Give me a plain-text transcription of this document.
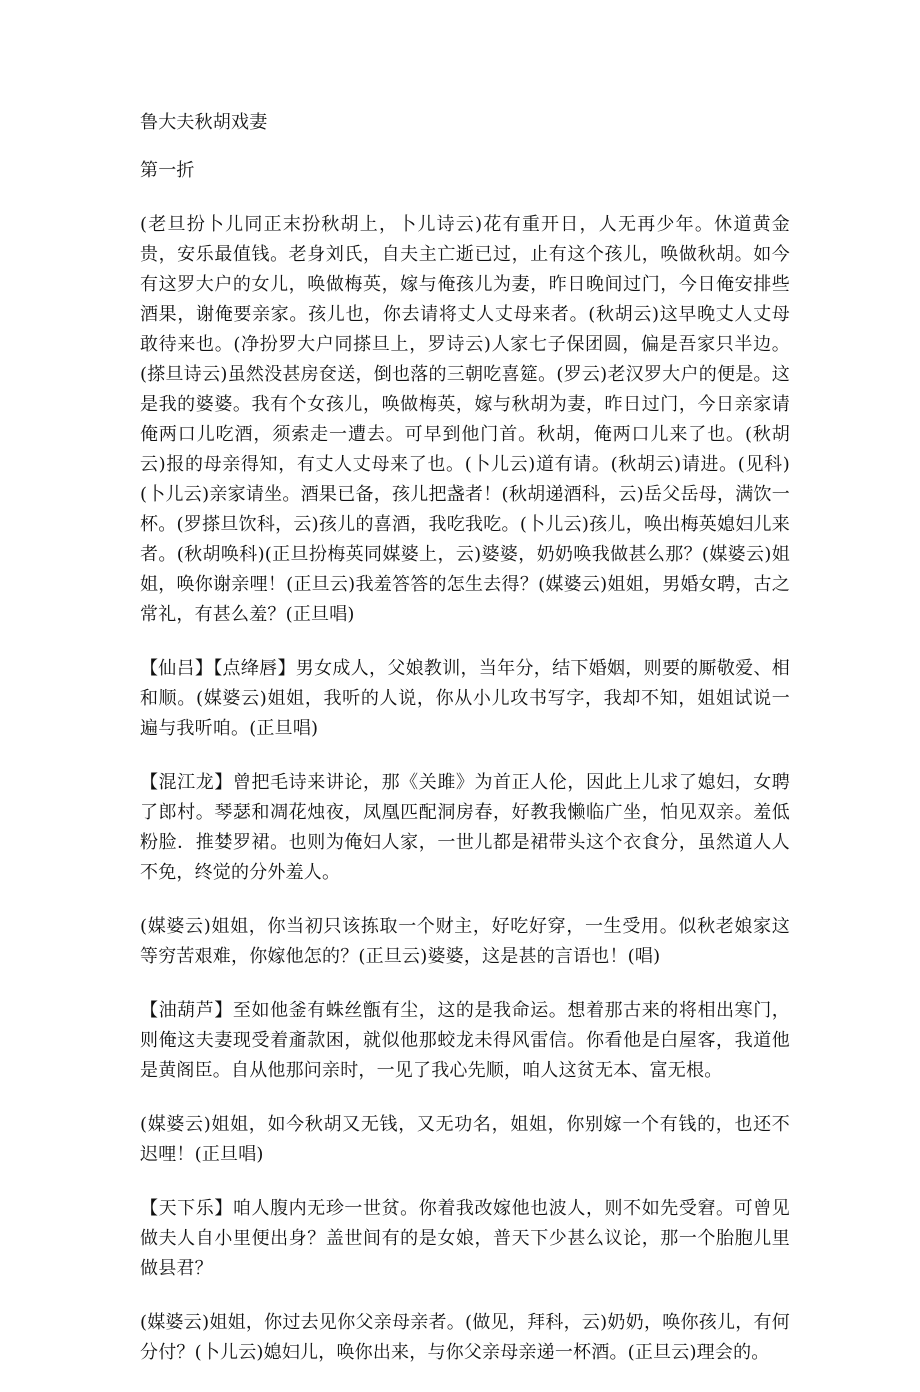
鲁大夫秋胡戏妻
第一折

(老旦扮卜儿同正末扮秋胡上，卜儿诗云)花有重开日，人无再少年。休道黄金贵，安乐最值钱。老身刘氏，自夫主亡逝已过，止有这个孩儿，唤做秋胡。如今有这罗大户的女儿，唤做梅英，嫁与俺孩儿为妻，昨日晚间过门，今日俺安排些酒果，谢俺要亲家。孩儿也，你去请将丈人丈母来者。(秋胡云)这早晚丈人丈母敢待来也。(净扮罗大户同搽旦上，罗诗云)人家七子保团圆，偏是吾家只半边。(搽旦诗云)虽然没甚房奁送，倒也落的三朝吃喜筵。(罗云)老汉罗大户的便是。这是我的婆婆。我有个女孩儿，唤做梅英，嫁与秋胡为妻，昨日过门，今日亲家请俺两口儿吃酒，须索走一遭去。可早到他门首。秋胡，俺两口儿来了也。(秋胡云)报的母亲得知，有丈人丈母来了也。(卜儿云)道有请。(秋胡云)请进。(见科)(卜儿云)亲家请坐。酒果已备，孩儿把盏者！(秋胡递酒科，云)岳父岳母，满饮一杯。(罗搽旦饮科，云)孩儿的喜酒，我吃我吃。(卜儿云)孩儿，唤出梅英媳妇儿来者。(秋胡唤科)(正旦扮梅英同媒婆上，云)婆婆，奶奶唤我做甚么那？(媒婆云)姐姐，唤你谢亲哩！(正旦云)我羞答答的怎生去得？(媒婆云)姐姐，男婚女聘，古之常礼，有甚么羞？(正旦唱)

【仙吕】【点绛唇】男女成人，父娘教训，当年分，结下婚姻，则要的厮敬爱、相和顺。(媒婆云)姐姐，我听的人说，你从小儿攻书写字，我却不知，姐姐试说一遍与我听咱。(正旦唱)

【混江龙】曾把毛诗来讲论，那《关雎》为首正人伦，因此上儿求了媳妇，女聘了郎村。琴瑟和凋花烛夜，凤凰匹配洞房春，好教我懒临广坐，怕见双亲。羞低粉脸．推婪罗裙。也则为俺妇人家，一世儿都是裙带头这个衣食分，虽然道人人不免，终觉的分外羞人。

(媒婆云)姐姐，你当初只该拣取一个财主，好吃好穿，一生受用。似秋老娘家这等穷苦艰难，你嫁他怎的？(正旦云)婆婆，这是甚的言语也！(唱)

【油葫芦】至如他釜有蛛丝甑有尘，这的是我命运。想着那古来的将相出寒门，则俺这夫妻现受着齑款困，就似他那蛟龙未得风雷信。你看他是白屋客，我道他是黄阁臣。自从他那问亲时，一见了我心先顺，咱人这贫无本、富无根。

(媒婆云)姐姐，如今秋胡又无钱，又无功名，姐姐，你别嫁一个有钱的，也还不迟哩！(正旦唱)

【天下乐】咱人腹内无珍一世贫。你着我改嫁他也波人，则不如先受窘。可曾见做夫人自小里便出身？盖世间有的是女娘，普天下少甚么议论，那一个胎胞儿里做县君？

(媒婆云)姐姐，你过去见你父亲母亲者。(做见，拜科，云)奶奶，唤你孩儿，有何分付？(卜儿云)媳妇儿，唤你出来，与你父亲母亲递一杯酒。(正旦云)理会的。
